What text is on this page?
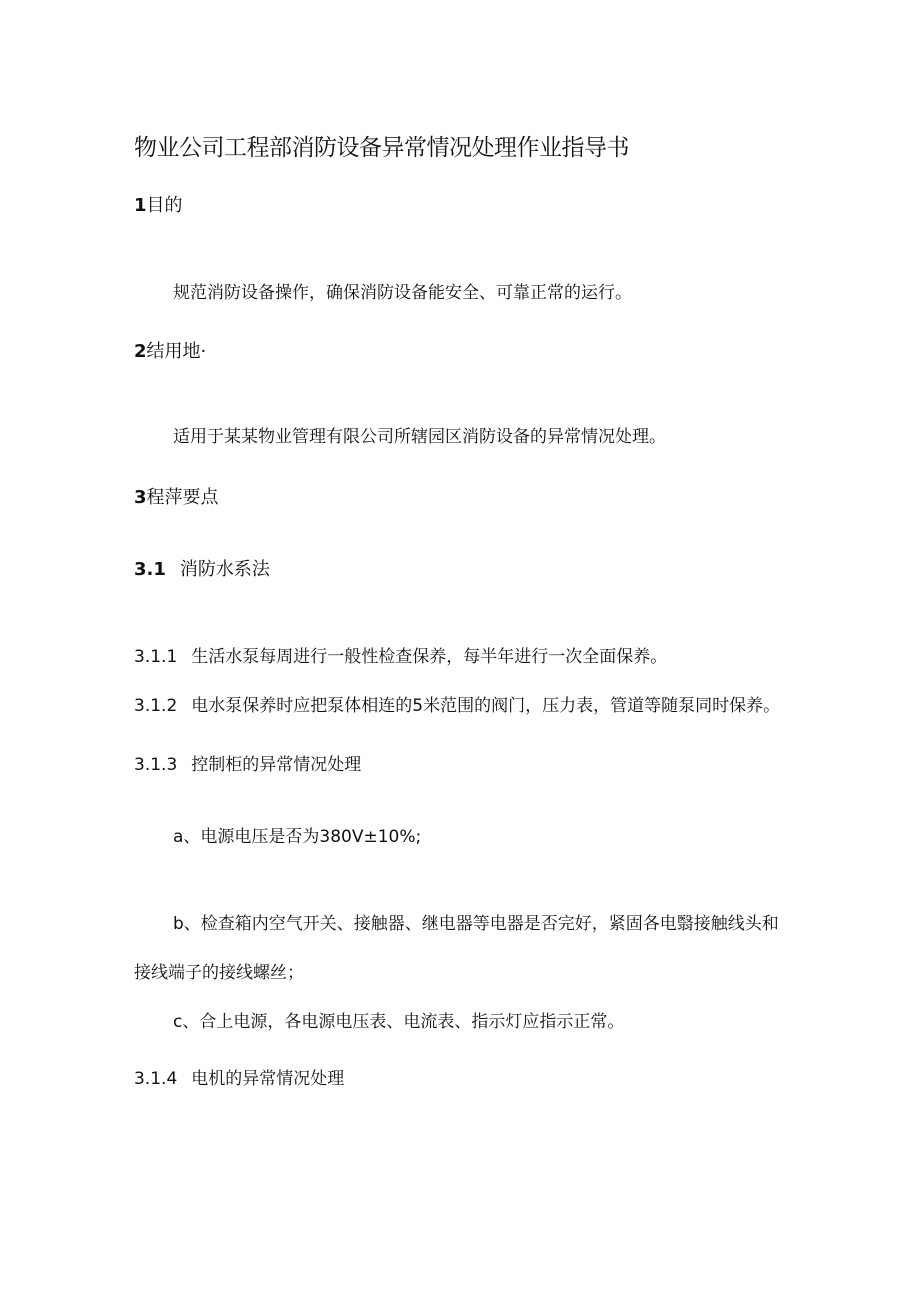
物业公司工程部消防设备异常情况处理作业指导书
1目的
规范消防设备操作，确保消防设备能安全、可靠正常的运行。
2结用地·
适用于某某物业管理有限公司所辖园区消防设备的异常情况处理。
3程萍要点
3.1 消防水系法
3.1.1 生活水泵每周进行一般性检查保养，每半年进行一次全面保养。
3.1.2 电水泵保养时应把泵体相连的5米范围的阀门，压力表，管道等随泵同时保养。
3.1.3 控制柜的异常情况处理
a、电源电压是否为380V±10%;
b、检查箱内空气开关、接触器、继电器等电器是否完好，紧固各电翳接触线头和
接线端子的接线螺丝；
c、合上电源，各电源电压表、电流表、指示灯应指示正常。
3.1.4 电机的异常情况处理
